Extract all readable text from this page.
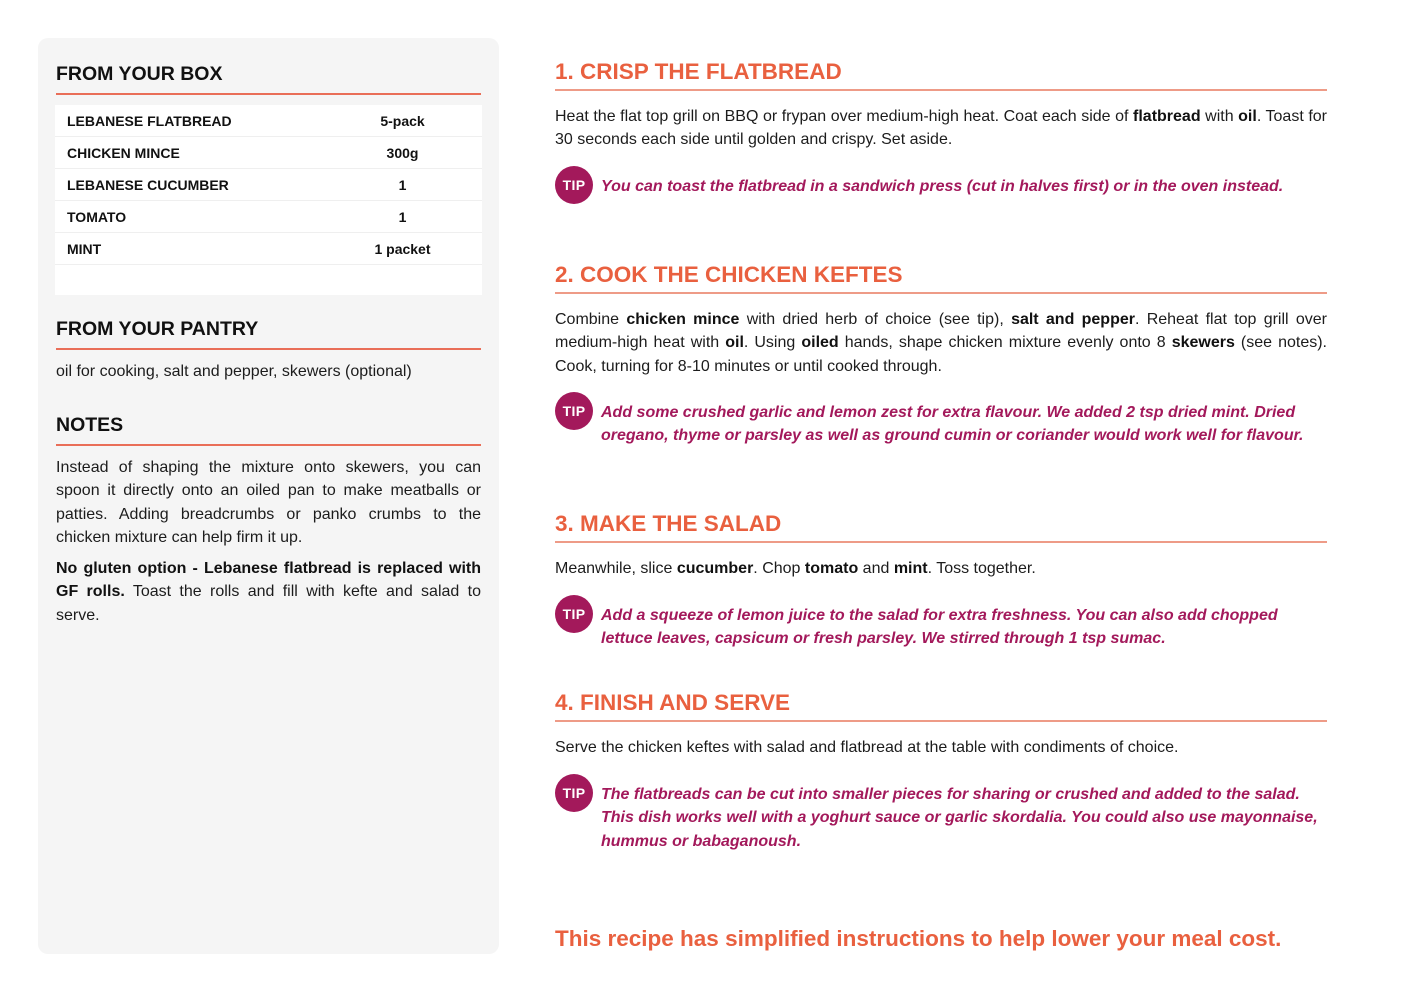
FROM YOUR BOX
LEBANESE FLATBREAD	5-pack
CHICKEN MINCE	300g
LEBANESE CUCUMBER	1
TOMATO	1
MINT	1 packet
FROM YOUR PANTRY

oil for cooking, salt and pepper, skewers (optional)

NOTES

Instead of shaping the mixture onto skewers, you can spoon it directly onto an oiled pan to make meatballs or patties. Adding breadcrumbs or panko crumbs to the chicken mixture can help firm it up.

No gluten option - Lebanese flatbread is replaced with GF rolls. Toast the rolls and fill with kefte and salad to serve.

1. CRISP THE FLATBREAD

Heat the flat top grill on BBQ or frypan over medium-high heat. Coat each side of flatbread with oil. Toast for 30 seconds each side until golden and crispy. Set aside.

TIP You can toast the flatbread in a sandwich press (cut in halves first) or in the oven instead.

2. COOK THE CHICKEN KEFTES

Combine chicken mince with dried herb of choice (see tip), salt and pepper. Reheat flat top grill over medium-high heat with oil. Using oiled hands, shape chicken mixture evenly onto 8 skewers (see notes). Cook, turning for 8-10 minutes or until cooked through.

TIP Add some crushed garlic and lemon zest for extra flavour. We added 2 tsp dried mint. Dried oregano, thyme or parsley as well as ground cumin or coriander would work well for flavour.

3. MAKE THE SALAD

Meanwhile, slice cucumber. Chop tomato and mint. Toss together.

TIP Add a squeeze of lemon juice to the salad for extra freshness. You can also add chopped lettuce leaves, capsicum or fresh parsley. We stirred through 1 tsp sumac.

4. FINISH AND SERVE

Serve the chicken keftes with salad and flatbread at the table with condiments of choice.

TIP The flatbreads can be cut into smaller pieces for sharing or crushed and added to the salad. This dish works well with a yoghurt sauce or garlic skordalia. You could also use mayonnaise, hummus or babaganoush.

This recipe has simplified instructions to help lower your meal cost.
